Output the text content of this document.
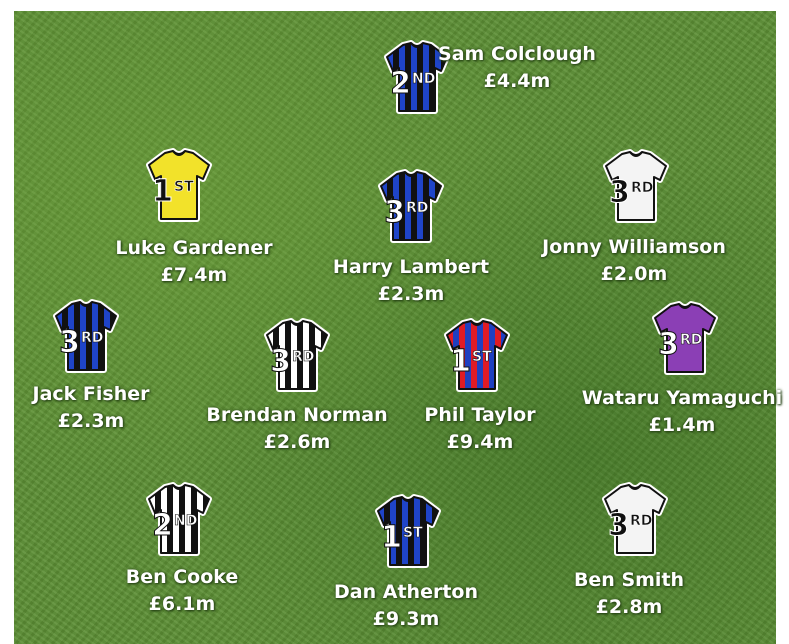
2 ND
Sam Colclough
£4.4m
1 ST
Luke Gardener
£7.4m
3 RD
Harry Lambert
£2.3m
3 RD
Jonny Williamson
£2.0m
3 RD
Jack Fisher
£2.3m
3 RD
Brendan Norman
£2.6m
1 ST
Phil Taylor
£9.4m
3 RD
Wataru Yamaguchi
£1.4m
2 ND
Ben Cooke
£6.1m
1 ST
Dan Atherton
£9.3m
3 RD
Ben Smith
£2.8m
